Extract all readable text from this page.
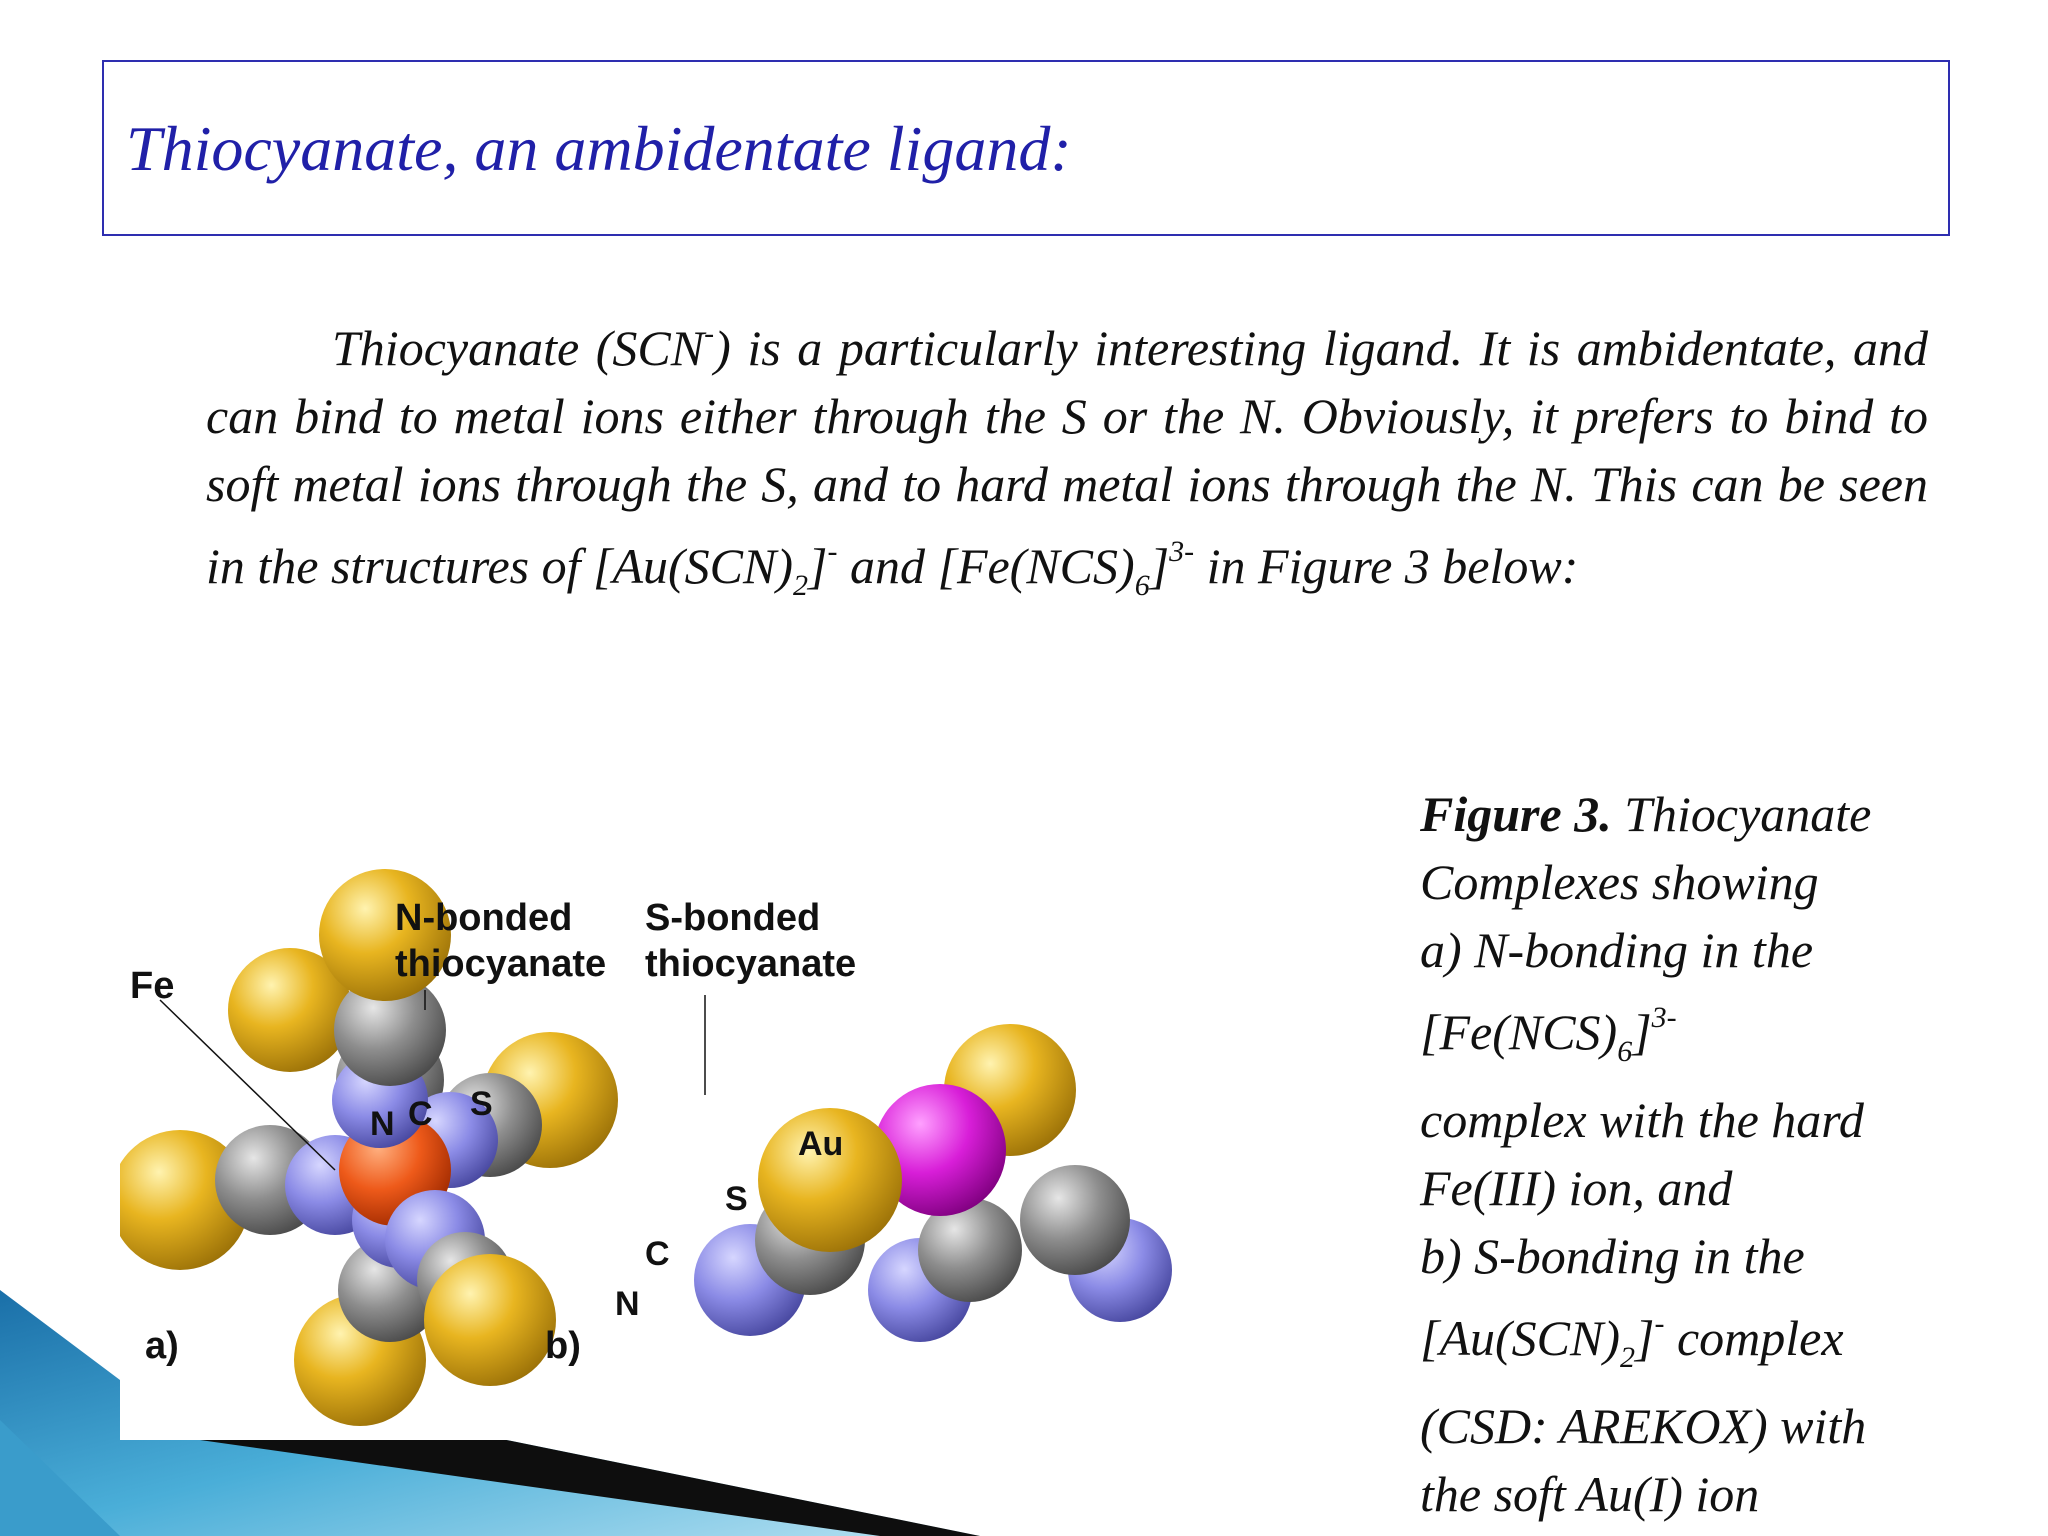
Thiocyanate, an ambidentate ligand:
Thiocyanate (SCN-) is a particularly interesting ligand. It is ambidentate, and can bind to metal ions either through the S or the N. Obviously, it prefers to bind to soft metal ions through the S, and to hard metal ions through the N. This can be seen in the structures of $[Au(SCN)_2]^-$ and $[Fe(NCS)_6]^{3-}$ in Figure 3 below:
Fe
N-bonded
thiocyanate
S-bonded
thiocyanate
a)	b)
N C S
Au
S
C
N
Figure 3. Thiocyanate
Complexes showing
a) N-bonding in the
$[Fe(NCS)_6]^{3-}$
complex with the hard
Fe(III) ion, and
b) S-bonding in the
$[Au(SCN)_2]^-$ complex
(CSD: AREKOX) with
the soft Au(I) ion
